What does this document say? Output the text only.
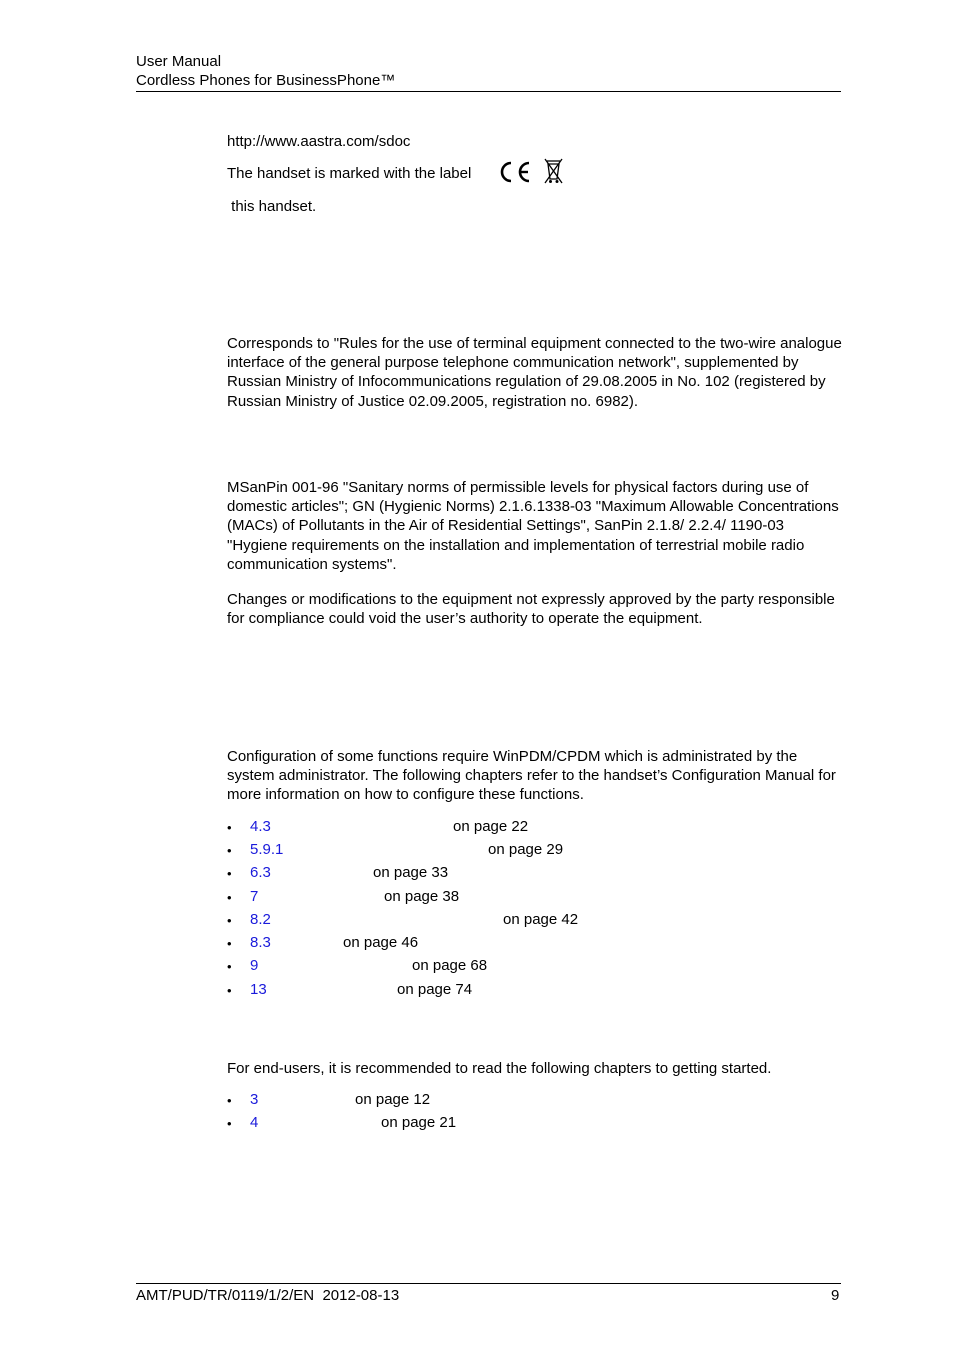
User Manual
Cordless Phones for BusinessPhone™
http://www.aastra.com/sdoc
The handset is marked with the label
this handset.
Corresponds to "Rules for the use of terminal equipment connected to the two-wire analogue interface of the general purpose telephone communication network", supplemented by Russian Ministry of Infocommunications regulation of 29.08.2005 in No. 102 (registered by Russian Ministry of Justice 02.09.2005, registration no. 6982).
MSanPin 001-96 "Sanitary norms of permissible levels for physical factors during use of domestic articles"; GN (Hygienic Norms) 2.1.6.1338-03 "Maximum Allowable Concentrations (MACs) of Pollutants in the Air of Residential Settings", SanPin 2.1.8/ 2.2.4/ 1190-03 "Hygiene requirements on the installation and implementation of terrestrial mobile radio communication systems".
Changes or modifications to the equipment not expressly approved by the party responsible for compliance could void the user’s authority to operate the equipment.
Configuration of some functions require WinPDM/CPDM which is administrated by the system administrator. The following chapters refer to the handset’s Configuration Manual for more information on how to configure these functions.
• 4.3	on page 22
• 5.9.1	on page 29
• 6.3	on page 33
• 7	on page 38
• 8.2	on page 42
• 8.3	on page 46
• 9	on page 68
• 13	on page 74
For end-users, it is recommended to read the following chapters to getting started.
• 3	on page 12
• 4	on page 21
AMT/PUD/TR/0119/1/2/EN  2012-08-13	9
